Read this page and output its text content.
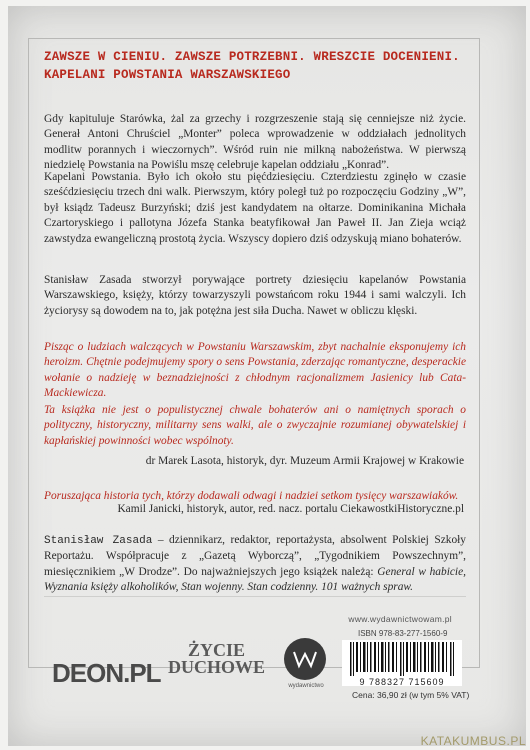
ZAWSZE W CIENIU. ZAWSZE POTRZEBNI. WRESZCIE DOCENIENI.
KAPELANI POWSTANIA WARSZAWSKIEGO
Gdy kapituluje Starówka, żal za grzechy i rozgrzeszenie stają się cenniejsze niż życie. Generał Antoni Chruściel „Monter” poleca wprowadzenie w oddziałach jednolitych modlitw porannych i wieczornych”. Wśród ruin nie milkną nabożeństwa. W pierwszą niedzielę Powstania na Powiślu mszę celebruje kapelan oddziału „Konrad”.
Kapelani Powstania. Było ich około stu pięćdziesięciu. Czterdziestu zginęło w czasie sześćdziesięciu trzech dni walk. Pierwszym, który poległ tuż po rozpoczęciu Godziny „W”, był ksiądz Tadeusz Burzyński; dziś jest kandydatem na ołtarze. Dominikanina Michała Czartoryskiego i pallotyna Józefa Stanka beatyfikował Jan Paweł II. Jan Zieja wciąż zawstydza ewangeliczną prostotą życia. Wszyscy dopiero dziś odzyskują miano bohaterów.
Stanisław Zasada stworzył porywające portrety dziesięciu kapelanów Powstania Warszawskiego, księży, którzy towarzyszyli powstańcom roku 1944 i sami walczyli. Ich życiorysy są dowodem na to, jak potężna jest siła Ducha. Nawet w obliczu klęski.
Pisząc o ludziach walczących w Powstaniu Warszawskim, zbyt nachalnie eksponujemy ich heroizm. Chętnie podejmujemy spory o sens Powstania, zderzając romantyczne, desperackie wołanie o nadzieję w beznadziejności z chłodnym racjonalizmem Jasienicy lub Cata-Mackiewicza.
Ta książka nie jest o populistycznej chwale bohaterów ani o namiętnych sporach o polityczny, historyczny, militarny sens walki, ale o zwyczajnie rozumianej obywatelskiej i kapłańskiej powinności wobec wspólnoty.
dr Marek Lasota, historyk, dyr. Muzeum Armii Krajowej w Krakowie
Poruszająca historia tych, którzy dodawali odwagi i nadziei setkom tysięcy warszawiaków.
Kamil Janicki, historyk, autor, red. nacz. portalu CiekawostkiHistoryczne.pl
Stanisław Zasada – dziennikarz, redaktor, reportażysta, absolwent Polskiej Szkoły Reportażu. Współpracuje z „Gazetą Wyborczą”, „Tygodnikiem Powszechnym”, miesięcznikiem „W Drodze”. Do najważniejszych jego książek należą: General w habicie, Wyznania księży alkoholików, Stan wojenny. Stan codzienny. 101 ważnych spraw.
DEON.PL
ŻYCIE
DUCHOWE
wydawnictwo
www.wydawnictwowam.pl
ISBN 978-83-277-1560-9
9 788327 715609
Cena: 36,90 zł (w tym 5% VAT)
KATAKUMBUS.PL
